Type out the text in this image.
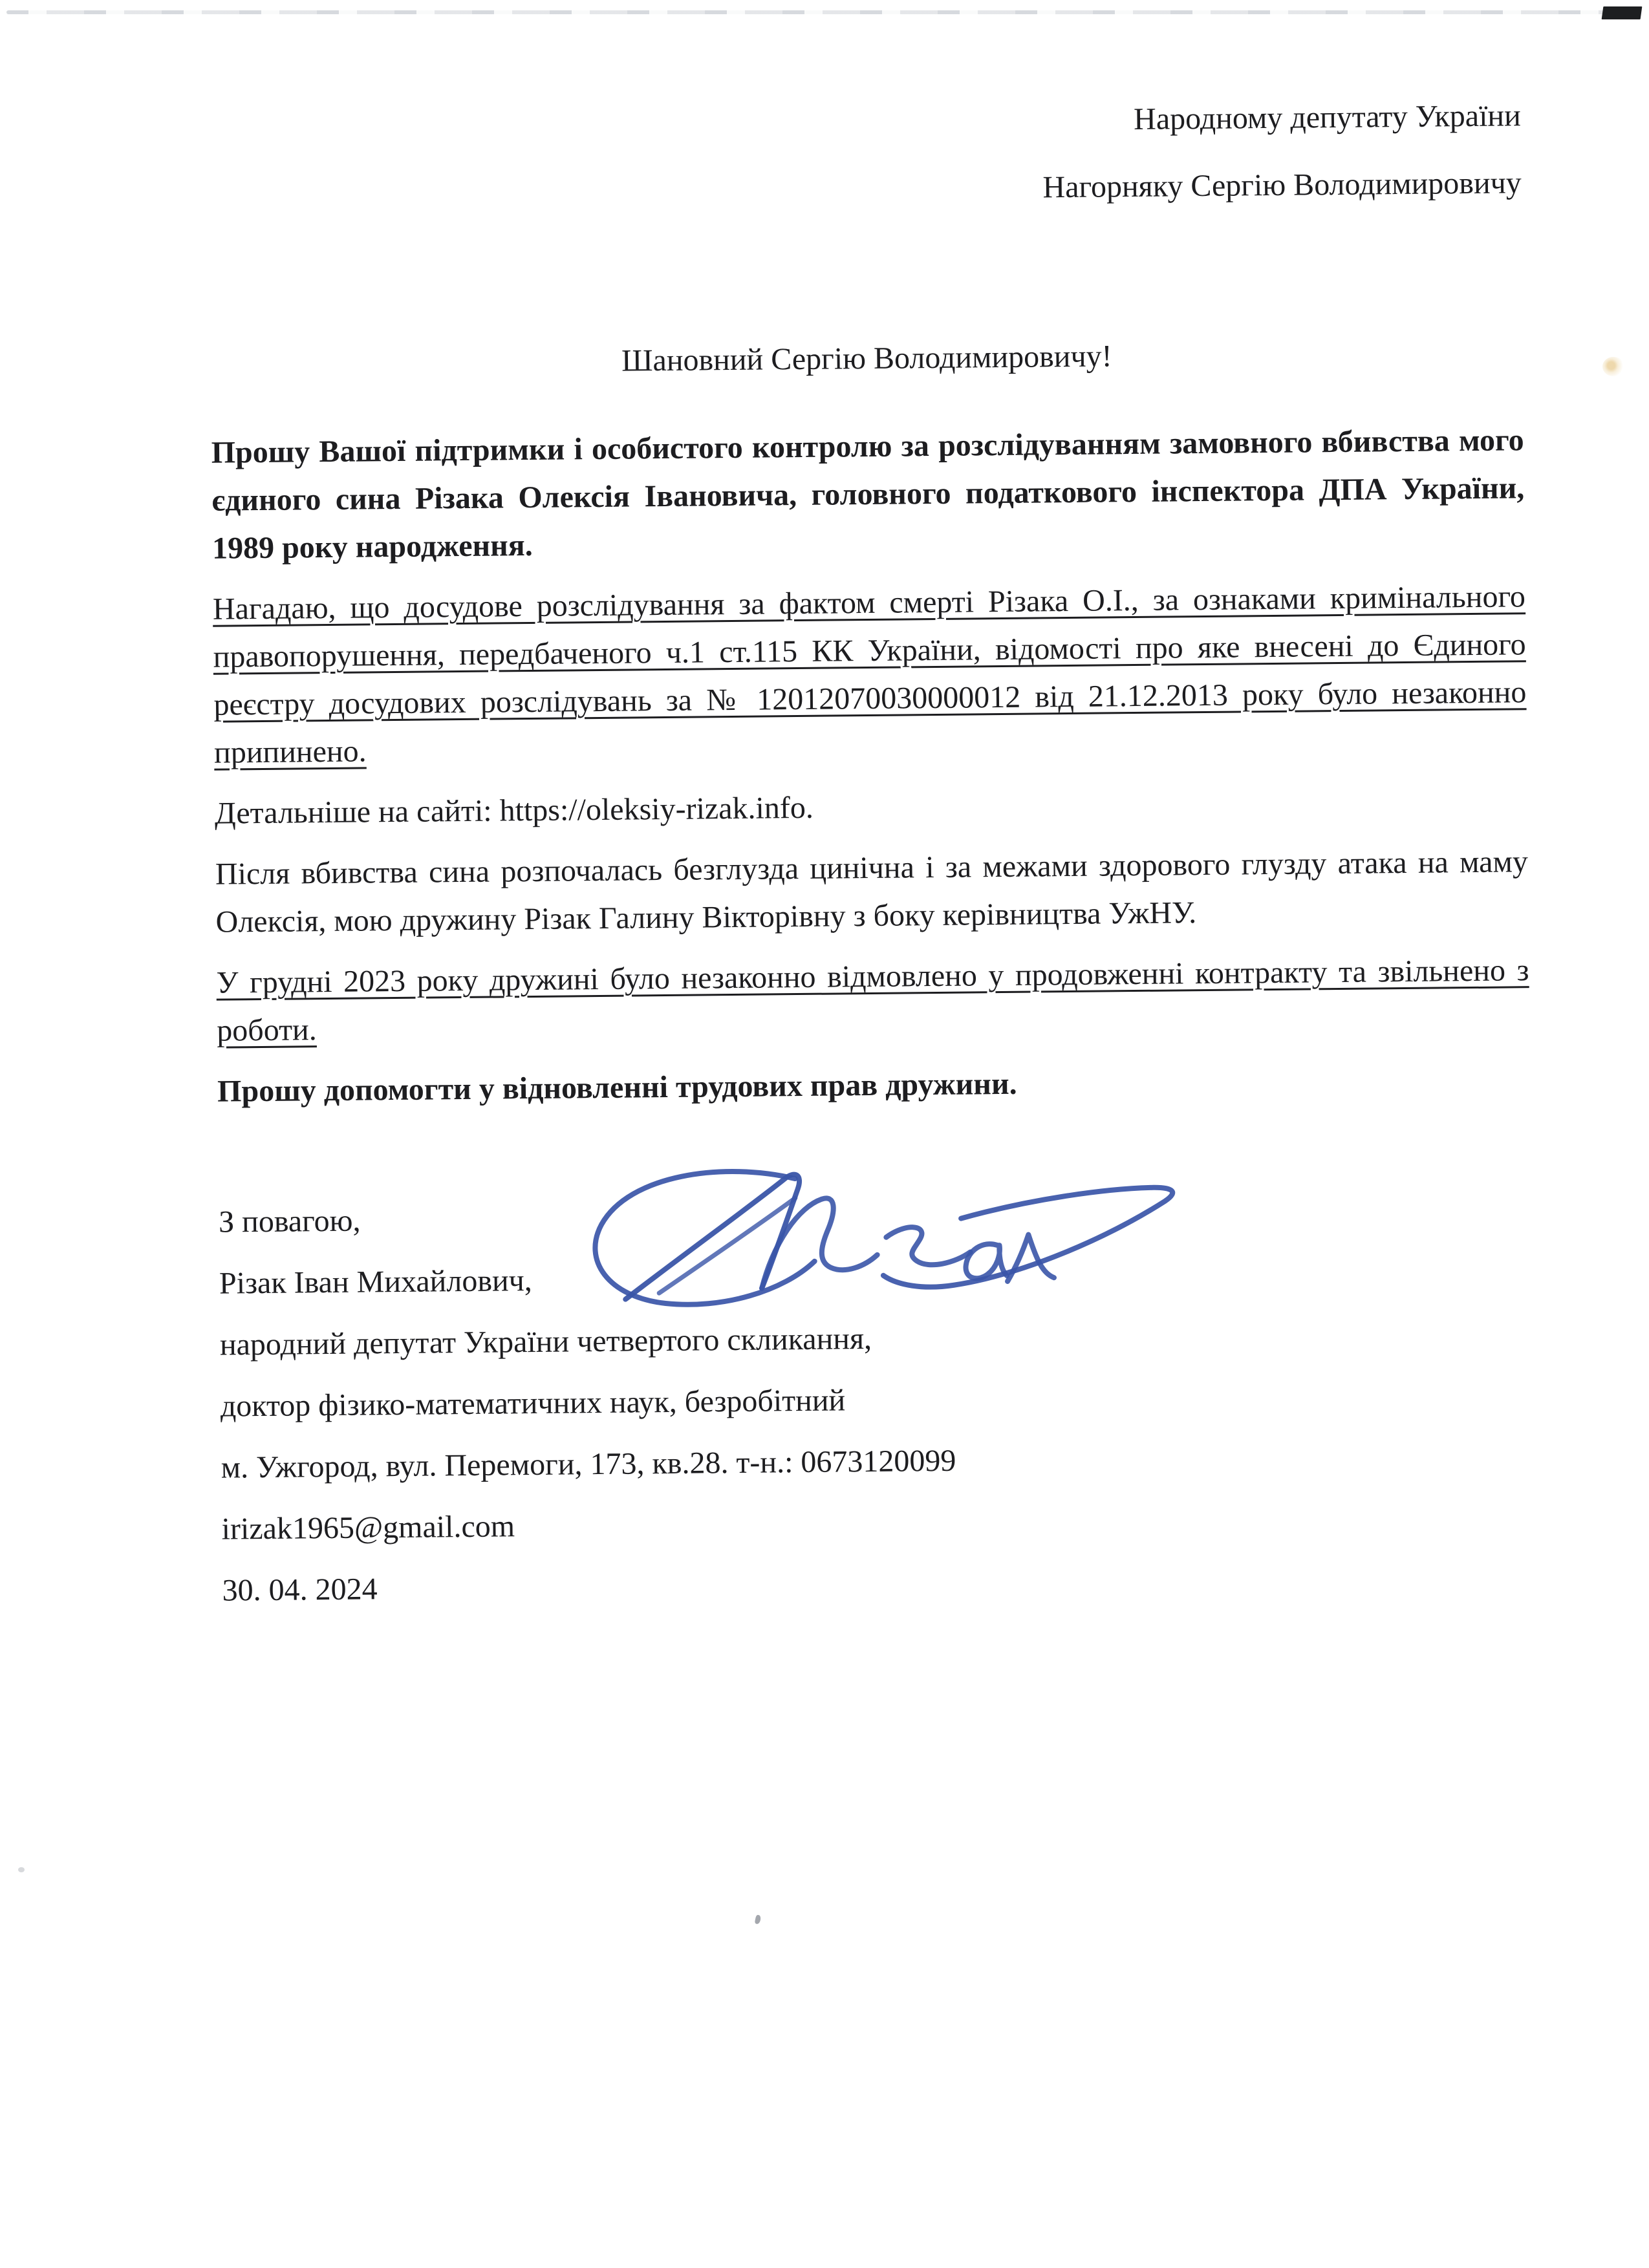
Народному депутату України

Нагорняку Сергію Володимировичу

Шановний Сергію Володимировичу!

Прошу Вашої підтримки і особистого контролю за розслідуванням замовного вбивства мого єдиного сина Різака Олексія Івановича, головного податкового інспектора ДПА України, 1989 року народження.

Нагадаю, що досудове розслідування за фактом смерті Різака О.І., за ознаками кримінального правопорушення, передбаченого ч.1 ст.115 КК України, відомості про яке внесені до Єдиного реєстру досудових розслідувань за № 12012070030000012 від 21.12.2013 року було незаконно припинено.

Детальніше на сайті: https://oleksiy-rizak.info.

Після вбивства сина розпочалась безглузда цинічна і за межами здорового глузду атака на маму Олексія, мою дружину Різак Галину Вікторівну з боку керівництва УжНУ.

У грудні 2023 року дружині було незаконно відмовлено у продовженні контракту та звільнено з роботи.

Прошу допомогти у відновленні трудових прав дружини.

З повагою,

Різак Іван Михайлович,

народний депутат України четвертого скликання,

доктор фізико-математичних наук, безробітний

м. Ужгород, вул. Перемоги, 173, кв.28. т-н.: 0673120099

irizak1965@gmail.com

30. 04. 2024
